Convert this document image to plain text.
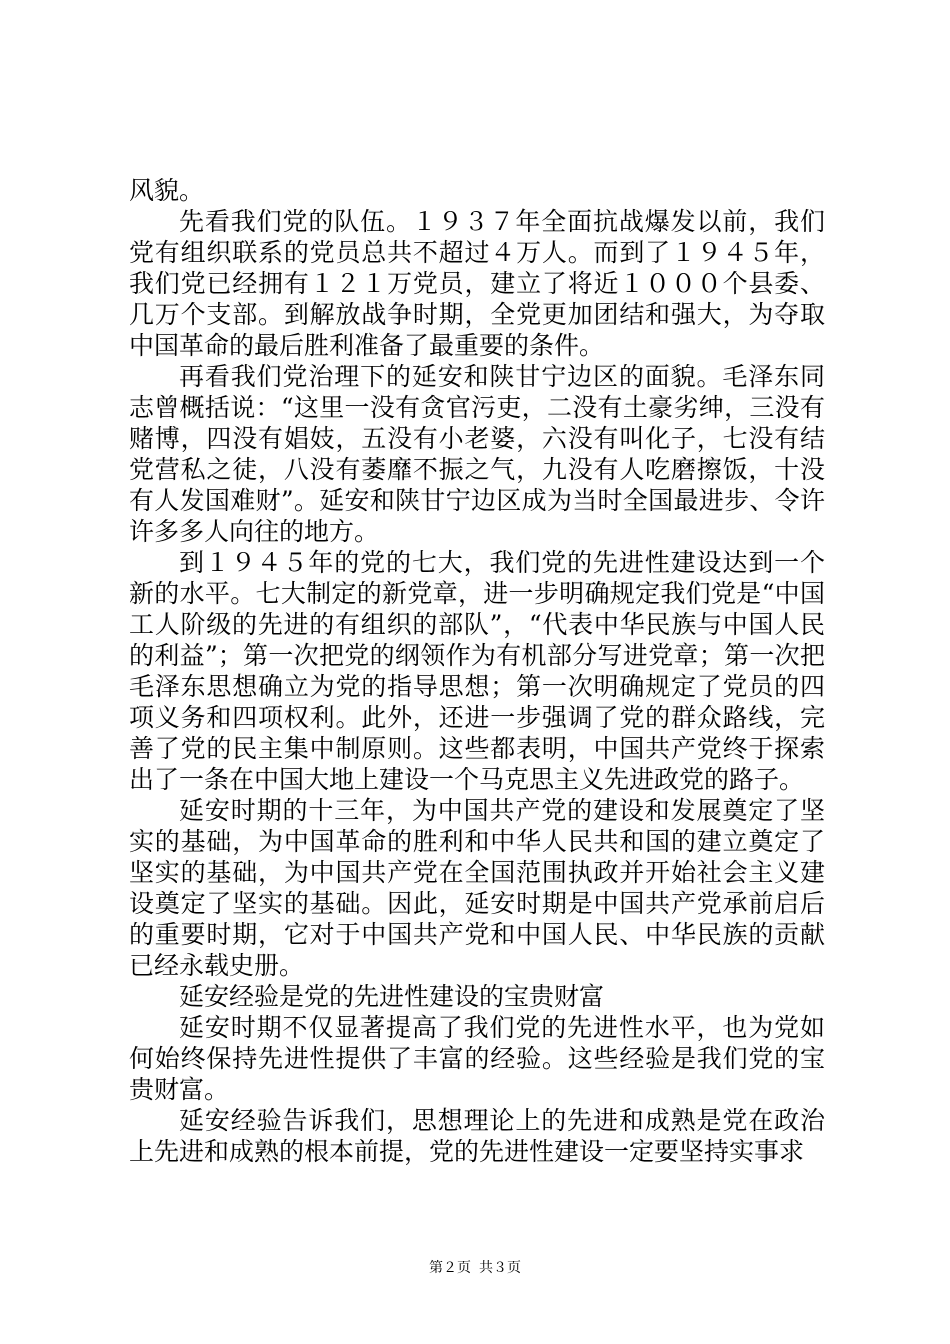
风貌。

先看我们党的队伍。１９３７年全面抗战爆发以前，我们党有组织联系的党员总共不超过４万人。而到了１９４５年，我们党已经拥有１２１万党员，建立了将近１０００个县委、几万个支部。到解放战争时期，全党更加团结和强大，为夺取中国革命的最后胜利准备了最重要的条件。

再看我们党治理下的延安和陕甘宁边区的面貌。毛泽东同志曾概括说：“这里一没有贪官污吏，二没有土豪劣绅，三没有赌博，四没有娼妓，五没有小老婆，六没有叫化子，七没有结党营私之徒，八没有萎靡不振之气，九没有人吃磨擦饭，十没有人发国难财”。延安和陕甘宁边区成为当时全国最进步、令许许多多人向往的地方。

到１９４５年的党的七大，我们党的先进性建设达到一个新的水平。七大制定的新党章，进一步明确规定我们党是“中国工人阶级的先进的有组织的部队”，“代表中华民族与中国人民的利益”；第一次把党的纲领作为有机部分写进党章；第一次把毛泽东思想确立为党的指导思想；第一次明确规定了党员的四项义务和四项权利。此外，还进一步强调了党的群众路线，完善了党的民主集中制原则。这些都表明，中国共产党终于探索出了一条在中国大地上建设一个马克思主义先进政党的路子。

延安时期的十三年，为中国共产党的建设和发展奠定了坚实的基础，为中国革命的胜利和中华人民共和国的建立奠定了坚实的基础，为中国共产党在全国范围执政并开始社会主义建设奠定了坚实的基础。因此，延安时期是中国共产党承前启后的重要时期，它对于中国共产党和中国人民、中华民族的贡献已经永载史册。

延安经验是党的先进性建设的宝贵财富

延安时期不仅显著提高了我们党的先进性水平，也为党如何始终保持先进性提供了丰富的经验。这些经验是我们党的宝贵财富。

延安经验告诉我们，思想理论上的先进和成熟是党在政治上先进和成熟的根本前提，党的先进性建设一定要坚持实事求

第２页 共３页
